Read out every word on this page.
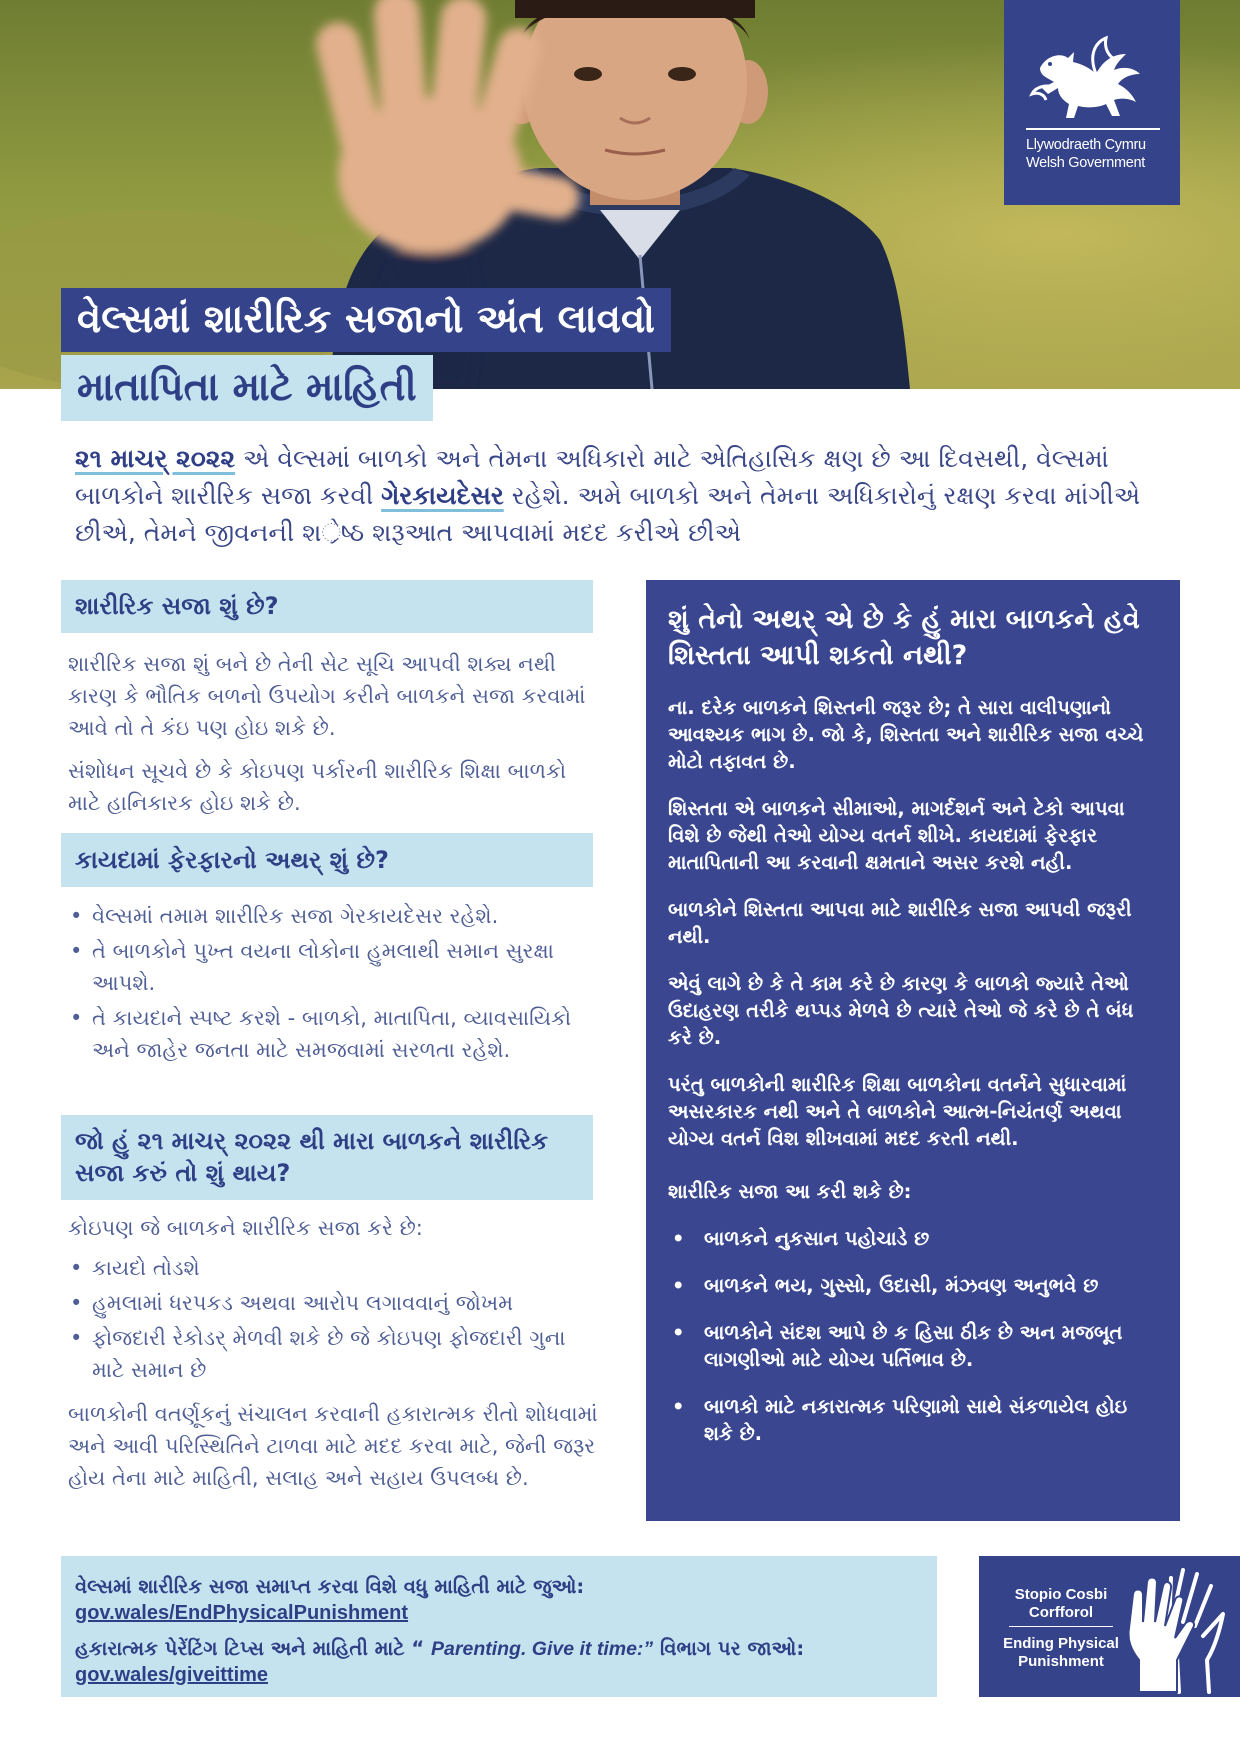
Llywodraeth Cymru
Welsh Government
વેલ્સમાં શારીરિક સજાનો અંત લાવવો
માતાપિતા માટે માહિતી

૨૧ માચર્ ૨૦૨૨ એ વેલ્સમાં બાળકો અને તેમના અધિકારો માટે એતિહાસિક ક્ષણ છે આ દિવસથી, વેલ્સમાં બાળકોને શારીરિક સજા કરવી ગેરકાયદેસર રહેશે. અમે બાળકો અને તેમના અધિકારોનું રક્ષણ કરવા માંગીએ છીએ, તેમને જીવનની શર્ેષ્ઠ શરૂઆત આપવામાં મદદ કરીએ છીએ

શારીરિક સજા શું છે?

શારીરિક સજા શું બને છે તેની સેટ સૂચિ આપવી શક્ય નથી કારણ કે ભૌતિક બળનો ઉપયોગ કરીને બાળકને સજા કરવામાં આવે તો તે કંઇ પણ હોઇ શકે છે.

સંશોધન સૂચવે છે કે કોઇપણ પર્કારની શારીરિક શિક્ષા બાળકો માટે હાનિકારક હોઇ શકે છે.

કાયદામાં ફેરફારનો અથર્ શું છે?
• વેલ્સમાં તમામ શારીરિક સજા ગેરકાયદેસર રહેશે.
• તે બાળકોને પુખ્ત વયના લોકોના હુમલાથી સમાન સુરક્ષા આપશે.
• તે કાયદાને સ્પષ્ટ કરશે - બાળકો, માતાપિતા, વ્યાવસાયિકો અને જાહેર જનતા માટે સમજવામાં સરળતા રહેશે.
જો હું ૨૧ માચર્ ૨૦૨૨ થી મારા બાળકને શારીરિક સજા કરું તો શું થાય?

કોઇપણ જે બાળકને શારીરિક સજા કરે છે:

• કાયદો તોડશે
• હુમલામાં ધરપકડ અથવા આરોપ લગાવવાનું જોખમ
• ફોજદારી રેકોડર્ મેળવી શકે છે જે કોઇપણ ફોજદારી ગુના માટે સમાન છે

બાળકોની વતર્ણૂકનું સંચાલન કરવાની હકારાત્મક રીતો શોધવામાં અને આવી પરિસ્થિતિને ટાળવા માટે મદદ કરવા માટે, જેની જરૂર હોય તેના માટે માહિતી, સલાહ અને સહાય ઉપલબ્ધ છે.

શું તેનો અથર્ એ છે કે હું મારા બાળકને હવે શિસ્તતા આપી શકતો નથી?

ના. દરેક બાળકને શિસ્તની જરૂર છે; તે સારા વાલીપણાનો આવશ્યક ભાગ છે. જો કે, શિસ્તતા અને શારીરિક સજા વચ્ચે મોટો તફાવત છે.

શિસ્તતા એ બાળકને સીમાઓ, માગર્દશર્ન અને ટેકો આપવા વિશે છે જેથી તેઓ યોગ્ય વતર્ન શીખે. કાયદામાં ફેરફાર માતાપિતાની આ કરવાની ક્ષમતાને અસર કરશે નહી.

બાળકોને શિસ્તતા આપવા માટે શારીરિક સજા આપવી જરૂરી નથી.

એવું લાગે છે કે તે કામ કરે છે કારણ કે બાળકો જ્યારે તેઓ ઉદાહરણ તરીકે થપ્પડ મેળવે છે ત્યારે તેઓ જે કરે છે તે બંધ કરે છે.

પરંતુ બાળકોની શારીરિક શિક્ષા બાળકોના વતર્નને સુધારવામાં અસરકારક નથી અને તે બાળકોને આત્મ-નિયંતર્ણ અથવા યોગ્ય વતર્ન વિશ શીખવામાં મદદ કરતી નથી.

શારીરિક સજા આ કરી શકે છે:

• બાળકને નુકસાન પહોચાડે છ
• બાળકને ભય, ગુસ્સો, ઉદાસી, મંઝવણ અનુભવે છ
• બાળકોને સંદશ આપે છે ક હિસા ઠીક છે અન મજબૂત લાગણીઓ માટે યોગ્ય પર્તિભાવ છે.
• બાળકો માટે નકારાત્મક પરિણામો સાથે સંકળાયેલ હોઇ શકે છે.
વેલ્સમાં શારીરિક સજા સમાપ્ત કરવા વિશે વધુ માહિતી માટે જુઓ:
gov.wales/EndPhysicalPunishment
હકારાત્મક પેરેંટિંગ ટિપ્સ અને માહિતી માટે “ Parenting. Give it time:” વિભાગ પર જાઓ:
gov.wales/giveittime
Stopio Cosbi Corfforol
Ending Physical Punishment
